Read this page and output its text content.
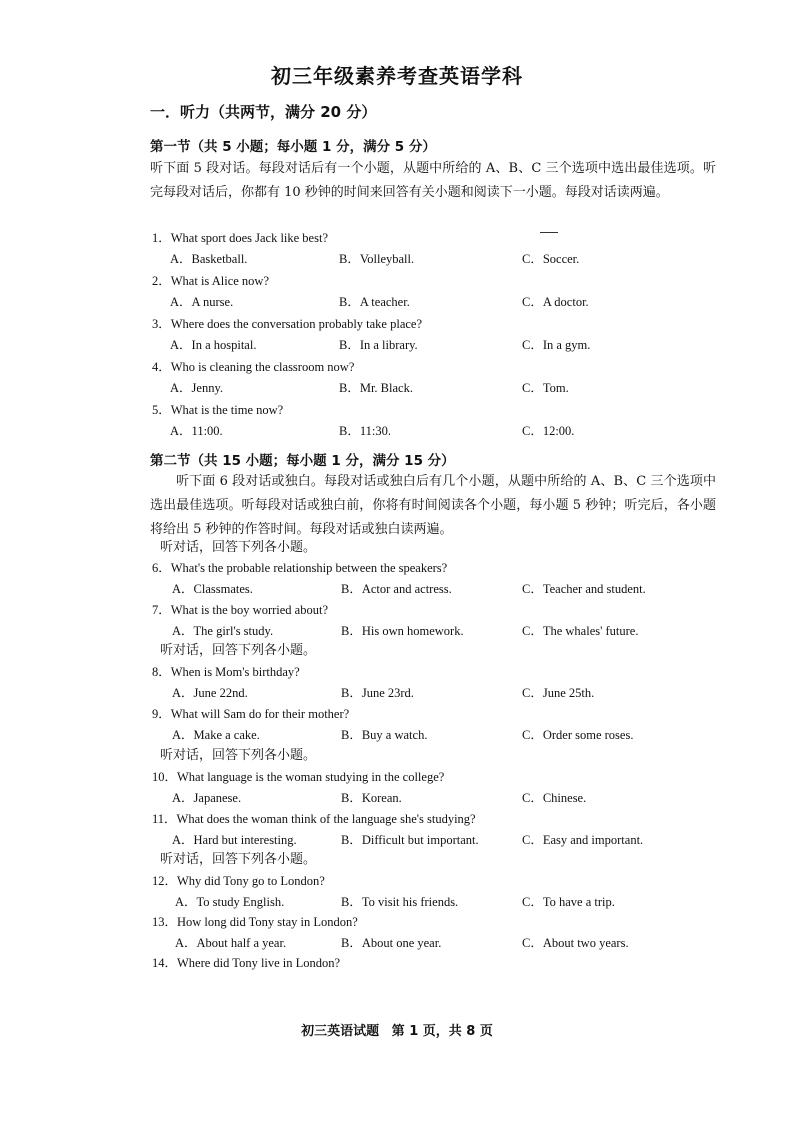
初三年级素养考查英语学科
一．听力（共两节，满分 20 分）
第一节（共 5 小题；每小题 1 分，满分 5 分）
听下面 5 段对话。每段对话后有一个小题，从题中所给的 A、B、C 三个选项中选出最佳选项。听完每段对话后，你都有 10 秒钟的时间来回答有关小题和阅读下一小题。每段对话读两遍。
1．What sport does Jack like best?
A．Basketball.	B．Volleyball.	C．Soccer.
2．What is Alice now?
A．A nurse.	B．A teacher.	C．A doctor.
3．Where does the conversation probably take place?
A．In a hospital.	B．In a library.	C．In a gym.
4．Who is cleaning the classroom now?
A．Jenny.	B．Mr. Black.	C．Tom.
5．What is the time now?
A．11:00.	B．11:30.	C．12:00.
第二节（共 15 小题；每小题 1 分，满分 15 分）
听下面 6 段对话或独白。每段对话或独白后有几个小题，从题中所给的 A、B、C 三个选项中选出最佳选项。听每段对话或独白前，你将有时间阅读各个小题，每小题 5 秒钟；听完后，各小题将给出 5 秒钟的作答时间。每段对话或独白读两遍。
听对话，回答下列各小题。
6．What's the probable relationship between the speakers?
A．Classmates.	B．Actor and actress.	C．Teacher and student.
7．What is the boy worried about?
A．The girl's study.	B．His own homework.	C．The whales' future.
听对话，回答下列各小题。
8．When is Mom's birthday?
A．June 22nd.	B．June 23rd.	C．June 25th.
9．What will Sam do for their mother?
A．Make a cake.	B．Buy a watch.	C．Order some roses.
听对话，回答下列各小题。
10．What language is the woman studying in the college?
A．Japanese.	B．Korean.	C．Chinese.
11．What does the woman think of the language she's studying?
A．Hard but interesting.	B．Difficult but important.	C．Easy and important.
听对话，回答下列各小题。
12．Why did Tony go to London?
A．To study English.	B．To visit his friends.	C．To have a trip.
13．How long did Tony stay in London?
A．About half a year.	B．About one year.	C．About two years.
14．Where did Tony live in London?
初三英语试题 第 1 页，共 8 页
